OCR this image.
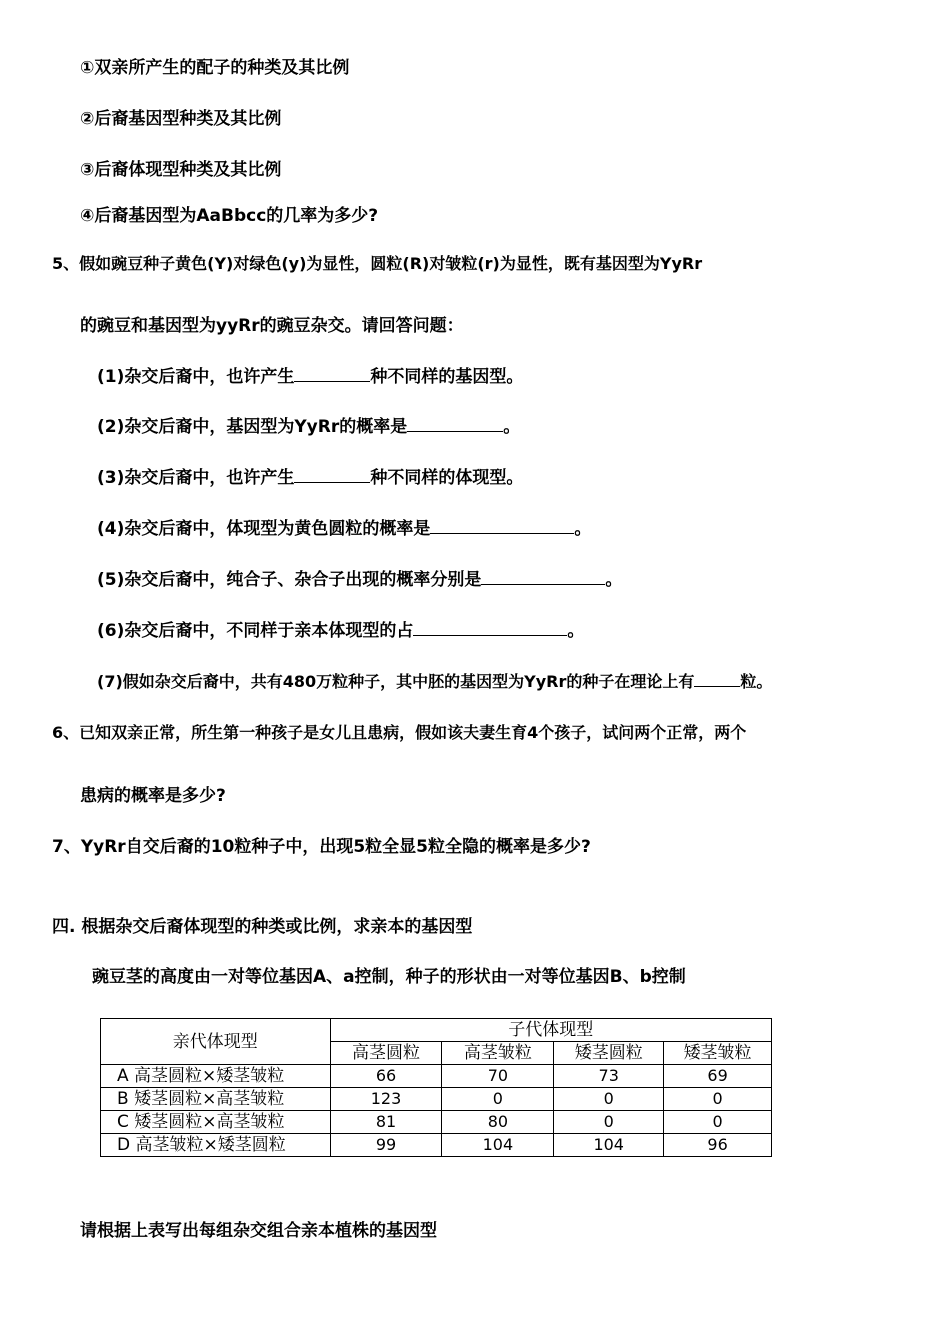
①双亲所产生的配子的种类及其比例
②后裔基因型种类及其比例
③后裔体现型种类及其比例
④后裔基因型为AaBbcc的几率为多少?
5、假如豌豆种子黄色(Y)对绿色(y)为显性，圆粒(R)对皱粒(r)为显性，既有基因型为YyRr
的豌豆和基因型为yyRr的豌豆杂交。请回答问题：
(1)杂交后裔中，也许产生	种不同样的基因型。
(2)杂交后裔中，基因型为YyRr的概率是	。
(3)杂交后裔中，也许产生	种不同样的体现型。
(4)杂交后裔中，体现型为黄色圆粒的概率是	。
(5)杂交后裔中，纯合子、杂合子出现的概率分别是	。
(6)杂交后裔中，不同样于亲本体现型的占	。
(7)假如杂交后裔中，共有480万粒种子，其中胚的基因型为YyRr的种子在理论上有	粒。
6、已知双亲正常，所生第一种孩子是女儿且患病，假如该夫妻生育4个孩子，试问两个正常，两个
患病的概率是多少?
7、YyRr自交后裔的10粒种子中，出现5粒全显5粒全隐的概率是多少?
四. 根据杂交后裔体现型的种类或比例，求亲本的基因型
豌豆茎的高度由一对等位基因A、a控制，种子的形状由一对等位基因B、b控制
亲代体现型	子代体现型			
	高茎圆粒	高茎皱粒	矮茎圆粒	矮茎皱粒
A 高茎圆粒×矮茎皱粒	66	70	73	69
B 矮茎圆粒×高茎皱粒	123	0	0	0
C 矮茎圆粒×高茎皱粒	81	80	0	0
D 高茎皱粒×矮茎圆粒	99	104	104	96
请根据上表写出每组杂交组合亲本植株的基因型
